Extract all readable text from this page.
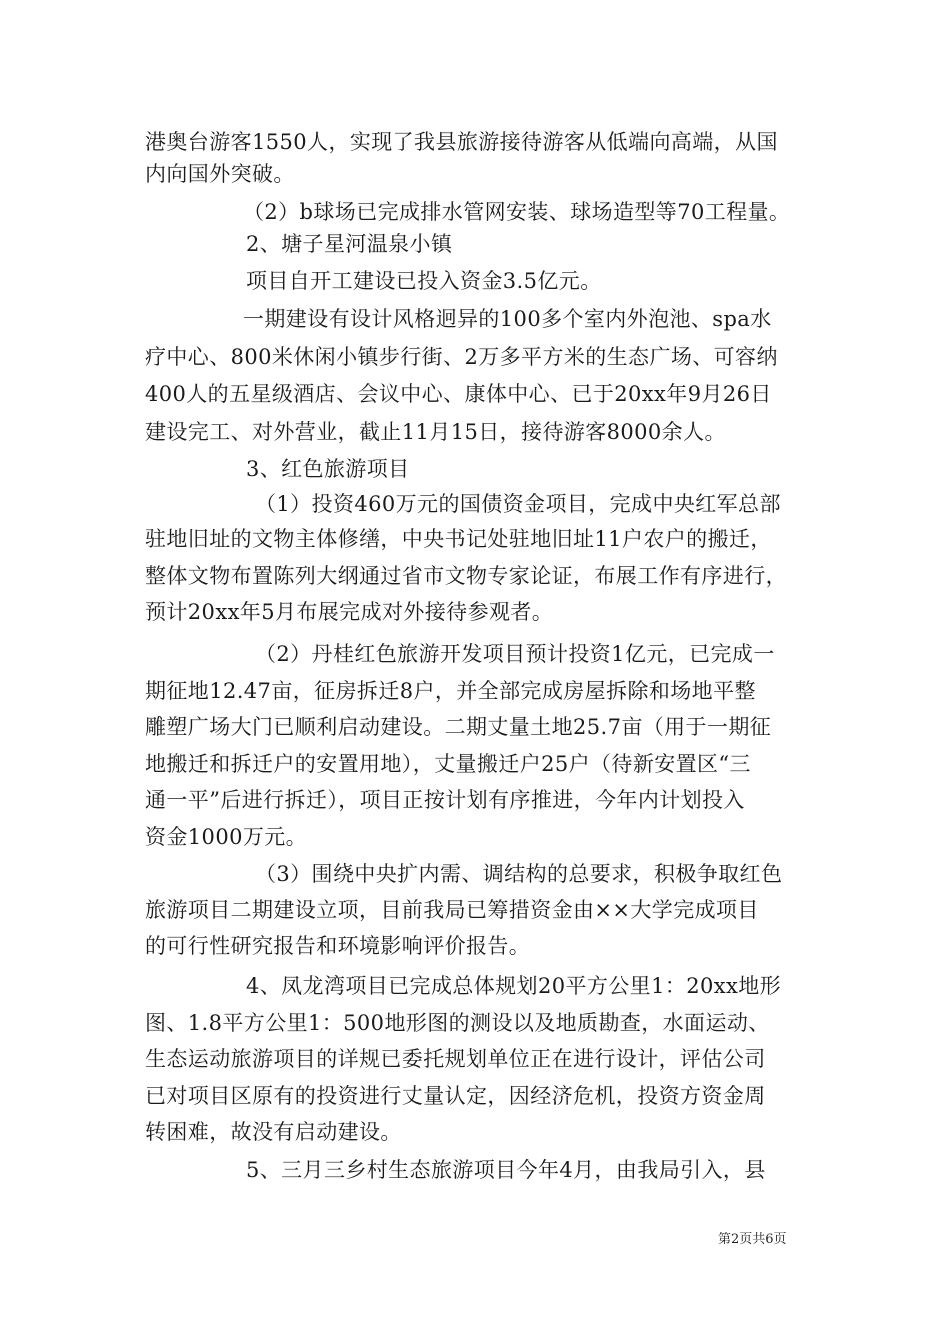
港奥台游客1550人，实现了我县旅游接待游客从低端向高端，从国
内向国外突破。
（2）b球场已完成排水管网安装、球场造型等70工程量。
2、塘子星河温泉小镇
项目自开工建设已投入资金3.5亿元。
一期建设有设计风格迥异的100多个室内外泡池、spa水
疗中心、800米休闲小镇步行街、2万多平方米的生态广场、可容纳
400人的五星级酒店、会议中心、康体中心、已于20xx年9月26日
建设完工、对外营业，截止11月15日，接待游客8000余人。
3、红色旅游项目
（1）投资460万元的国债资金项目，完成中央红军总部
驻地旧址的文物主体修缮，中央书记处驻地旧址11户农户的搬迁，
整体文物布置陈列大纲通过省市文物专家论证，布展工作有序进行，
预计20xx年5月布展完成对外接待参观者。
（2）丹桂红色旅游开发项目预计投资1亿元，已完成一
期征地12.47亩，征房拆迁8户，并全部完成房屋拆除和场地平整
雕塑广场大门已顺利启动建设。二期丈量土地25.7亩（用于一期征
地搬迁和拆迁户的安置用地），丈量搬迁户25户（待新安置区“三
通一平”后进行拆迁），项目正按计划有序推进，今年内计划投入
资金1000万元。
（3）围绕中央扩内需、调结构的总要求，积极争取红色
旅游项目二期建设立项，目前我局已筹措资金由××大学完成项目
的可行性研究报告和环境影响评价报告。
4、凤龙湾项目已完成总体规划20平方公里1：20xx地形
图、1.8平方公里1：500地形图的测设以及地质勘查，水面运动、
生态运动旅游项目的详规已委托规划单位正在进行设计，评估公司
已对项目区原有的投资进行丈量认定，因经济危机，投资方资金周
转困难，故没有启动建设。
5、三月三乡村生态旅游项目今年4月，由我局引入，县
第2页共6页
